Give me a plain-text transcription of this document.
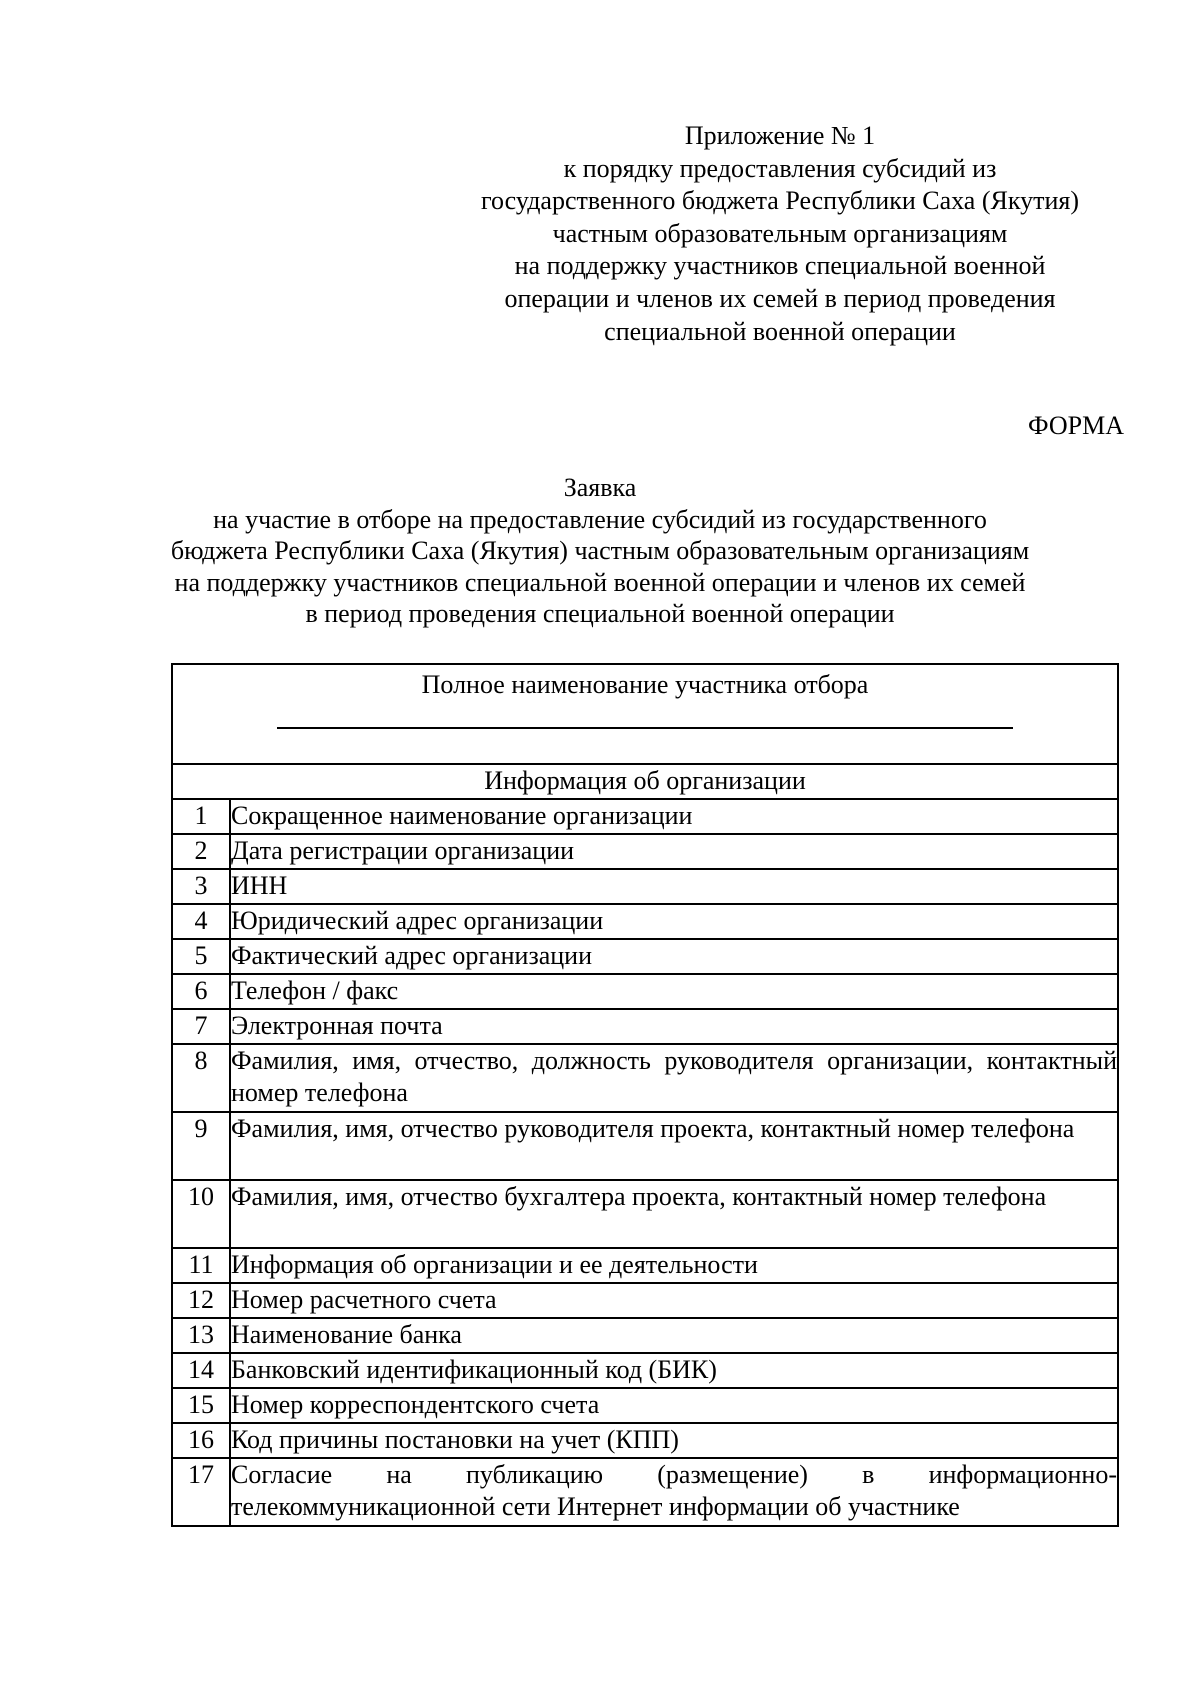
Приложение № 1
к порядку предоставления субсидий из
государственного бюджета Республики Саха (Якутия)
частным образовательным организациям
на поддержку участников специальной военной
операции и членов их семей в период проведения
специальной военной операции
ФОРМА
Заявка
на участие в отборе на предоставление субсидий из государственного
бюджета Республики Саха (Якутия) частным образовательным организациям
на поддержку участников специальной военной операции и членов их семей
в период проведения специальной военной операции
Полное наименование участника отбора	

Информация об организации	
1	Сокращенное наименование организации
2	Дата регистрации организации
3	ИНН
4	Юридический адрес организации
5	Фактический адрес организации
6	Телефон / факс
7	Электронная почта
8	Фамилия, имя, отчество, должность руководителя организации, контактный номер телефона
9	Фамилия, имя, отчество руководителя проекта, контактный номер телефона
10	Фамилия, имя, отчество бухгалтера проекта, контактный номер телефона
11	Информация об организации и ее деятельности
12	Номер расчетного счета
13	Наименование банка
14	Банковский идентификационный код (БИК)
15	Номер корреспондентского счета
16	Код причины постановки на учет (КПП)
17	Согласие на публикацию (размещение) в информационно-телекоммуникационной сети Интернет информации об участнике
